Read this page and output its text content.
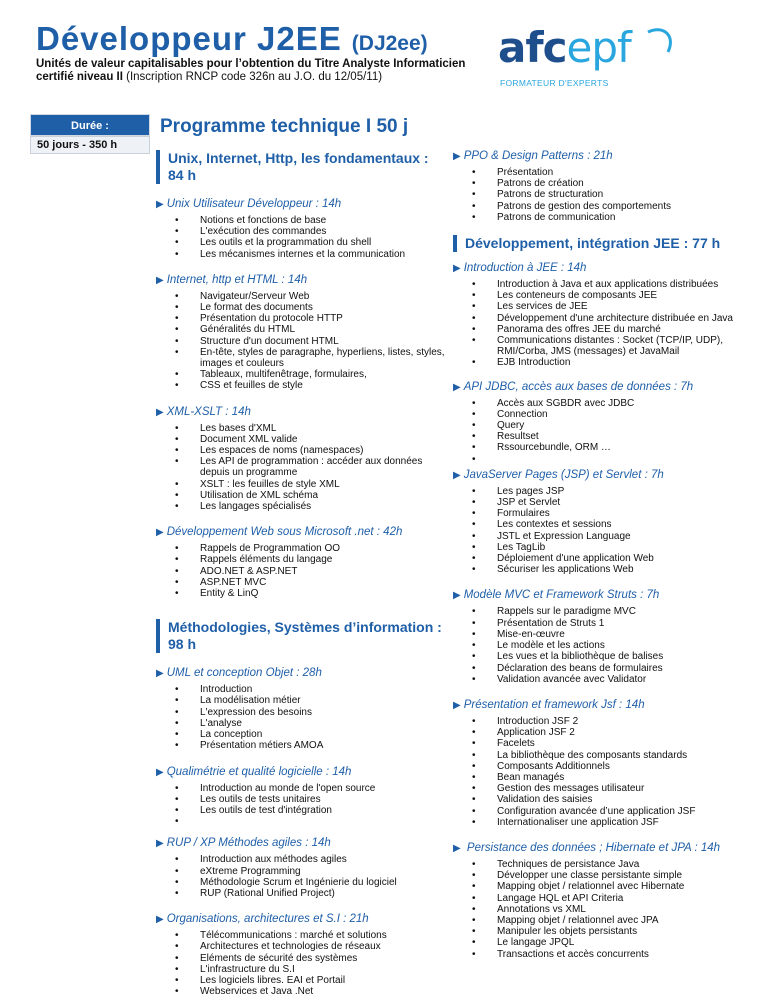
Développeur J2EE (DJ2ee)
Unités de valeur capitalisables pour l’obtention du Titre Analyste Informaticien certifié niveau II (Inscription RNCP code 326n au J.O. du 12/05/11)
afcepf
FORMATEUR D'EXPERTS
Durée :
50 jours - 350 h
Programme technique I 50 j
Unix, Internet, Http, les fondamentaux : 84 h
▶ Unix Utilisateur Développeur : 14h
• Notions et fonctions de base
• L'exécution des commandes
• Les outils et la programmation du shell
• Les mécanismes internes et la communication
▶ Internet, http et HTML : 14h
• Navigateur/Serveur Web
• Le format des documents
• Présentation du protocole HTTP
• Généralités du HTML
• Structure d'un document HTML
• En-tête, styles de paragraphe, hyperliens, listes, styles, images et couleurs
• Tableaux, multifenêtrage, formulaires,
• CSS et feuilles de style
▶ XML-XSLT : 14h
• Les bases d'XML
• Document XML valide
• Les espaces de noms (namespaces)
• Les API de programmation : accéder aux données depuis un programme
• XSLT : les feuilles de style XML
• Utilisation de XML schéma
• Les langages spécialisés
▶ Développement Web sous Microsoft .net : 42h
• Rappels de Programmation OO
• Rappels éléments du langage
• ADO.NET & ASP.NET
• ASP.NET MVC
• Entity & LinQ
Méthodologies, Systèmes d’information : 98 h
▶ UML et conception Objet : 28h
• Introduction
• La modélisation métier
• L'expression des besoins
• L'analyse
• La conception
• Présentation métiers AMOA
▶ Qualimétrie et qualité logicielle : 14h
• Introduction au monde de l'open source
• Les outils de tests unitaires
• Les outils de test d'intégration
•
▶ RUP / XP Méthodes agiles : 14h
• Introduction aux méthodes agiles
• eXtreme Programming
• Méthodologie Scrum et Ingénierie du logiciel
• RUP (Rational Unified Project)
▶ Organisations, architectures et S.I : 21h
• Télécommunications : marché et solutions
• Architectures et technologies de réseaux
• Eléments de sécurité des systèmes
• L'infrastructure du S.I
• Les logiciels libres. EAI et Portail
• Webservices et Java .Net
▶ PPO & Design Patterns : 21h
• Présentation
• Patrons de création
• Patrons de structuration
• Patrons de gestion des comportements
• Patrons de communication
Développement, intégration JEE : 77 h
▶ Introduction à JEE : 14h
• Introduction à Java et aux applications distribuées
• Les conteneurs de composants JEE
• Les services de JEE
• Développement d'une architecture distribuée en Java
• Panorama des offres JEE du marché
• Communications distantes : Socket (TCP/IP, UDP), RMI/Corba, JMS (messages) et JavaMail
• EJB Introduction
▶ API JDBC, accès aux bases de données : 7h
• Accès aux SGBDR avec JDBC
• Connection
• Query
• Resultset
• Rssourcebundle, ORM …
•
▶ JavaServer Pages (JSP) et Servlet : 7h
• Les pages JSP
• JSP et Servlet
• Formulaires
• Les contextes et sessions
• JSTL et Expression Language
• Les TagLib
• Déploiement d'une application Web
• Sécuriser les applications Web
▶ Modèle MVC et Framework Struts : 7h
• Rappels sur le paradigme MVC
• Présentation de Struts 1
• Mise-en-œuvre
• Le modèle et les actions
• Les vues et la bibliothèque de balises
• Déclaration des beans de formulaires
• Validation avancée avec Validator
▶ Présentation et framework Jsf : 14h
• Introduction JSF 2
• Application JSF 2
• Facelets
• La bibliothèque des composants standards
• Composants Additionnels
• Bean managés
• Gestion des messages utilisateur
• Validation des saisies
• Configuration avancée d’une application JSF
• Internationaliser une application JSF
▶ Persistance des données ; Hibernate et JPA : 14h
• Techniques de persistance Java
• Développer une classe persistante simple
• Mapping objet / relationnel avec Hibernate
• Langage HQL et API Criteria
• Annotations vs XML
• Mapping objet / relationnel avec JPA
• Manipuler les objets persistants
• Le langage JPQL
• Transactions et accès concurrents
